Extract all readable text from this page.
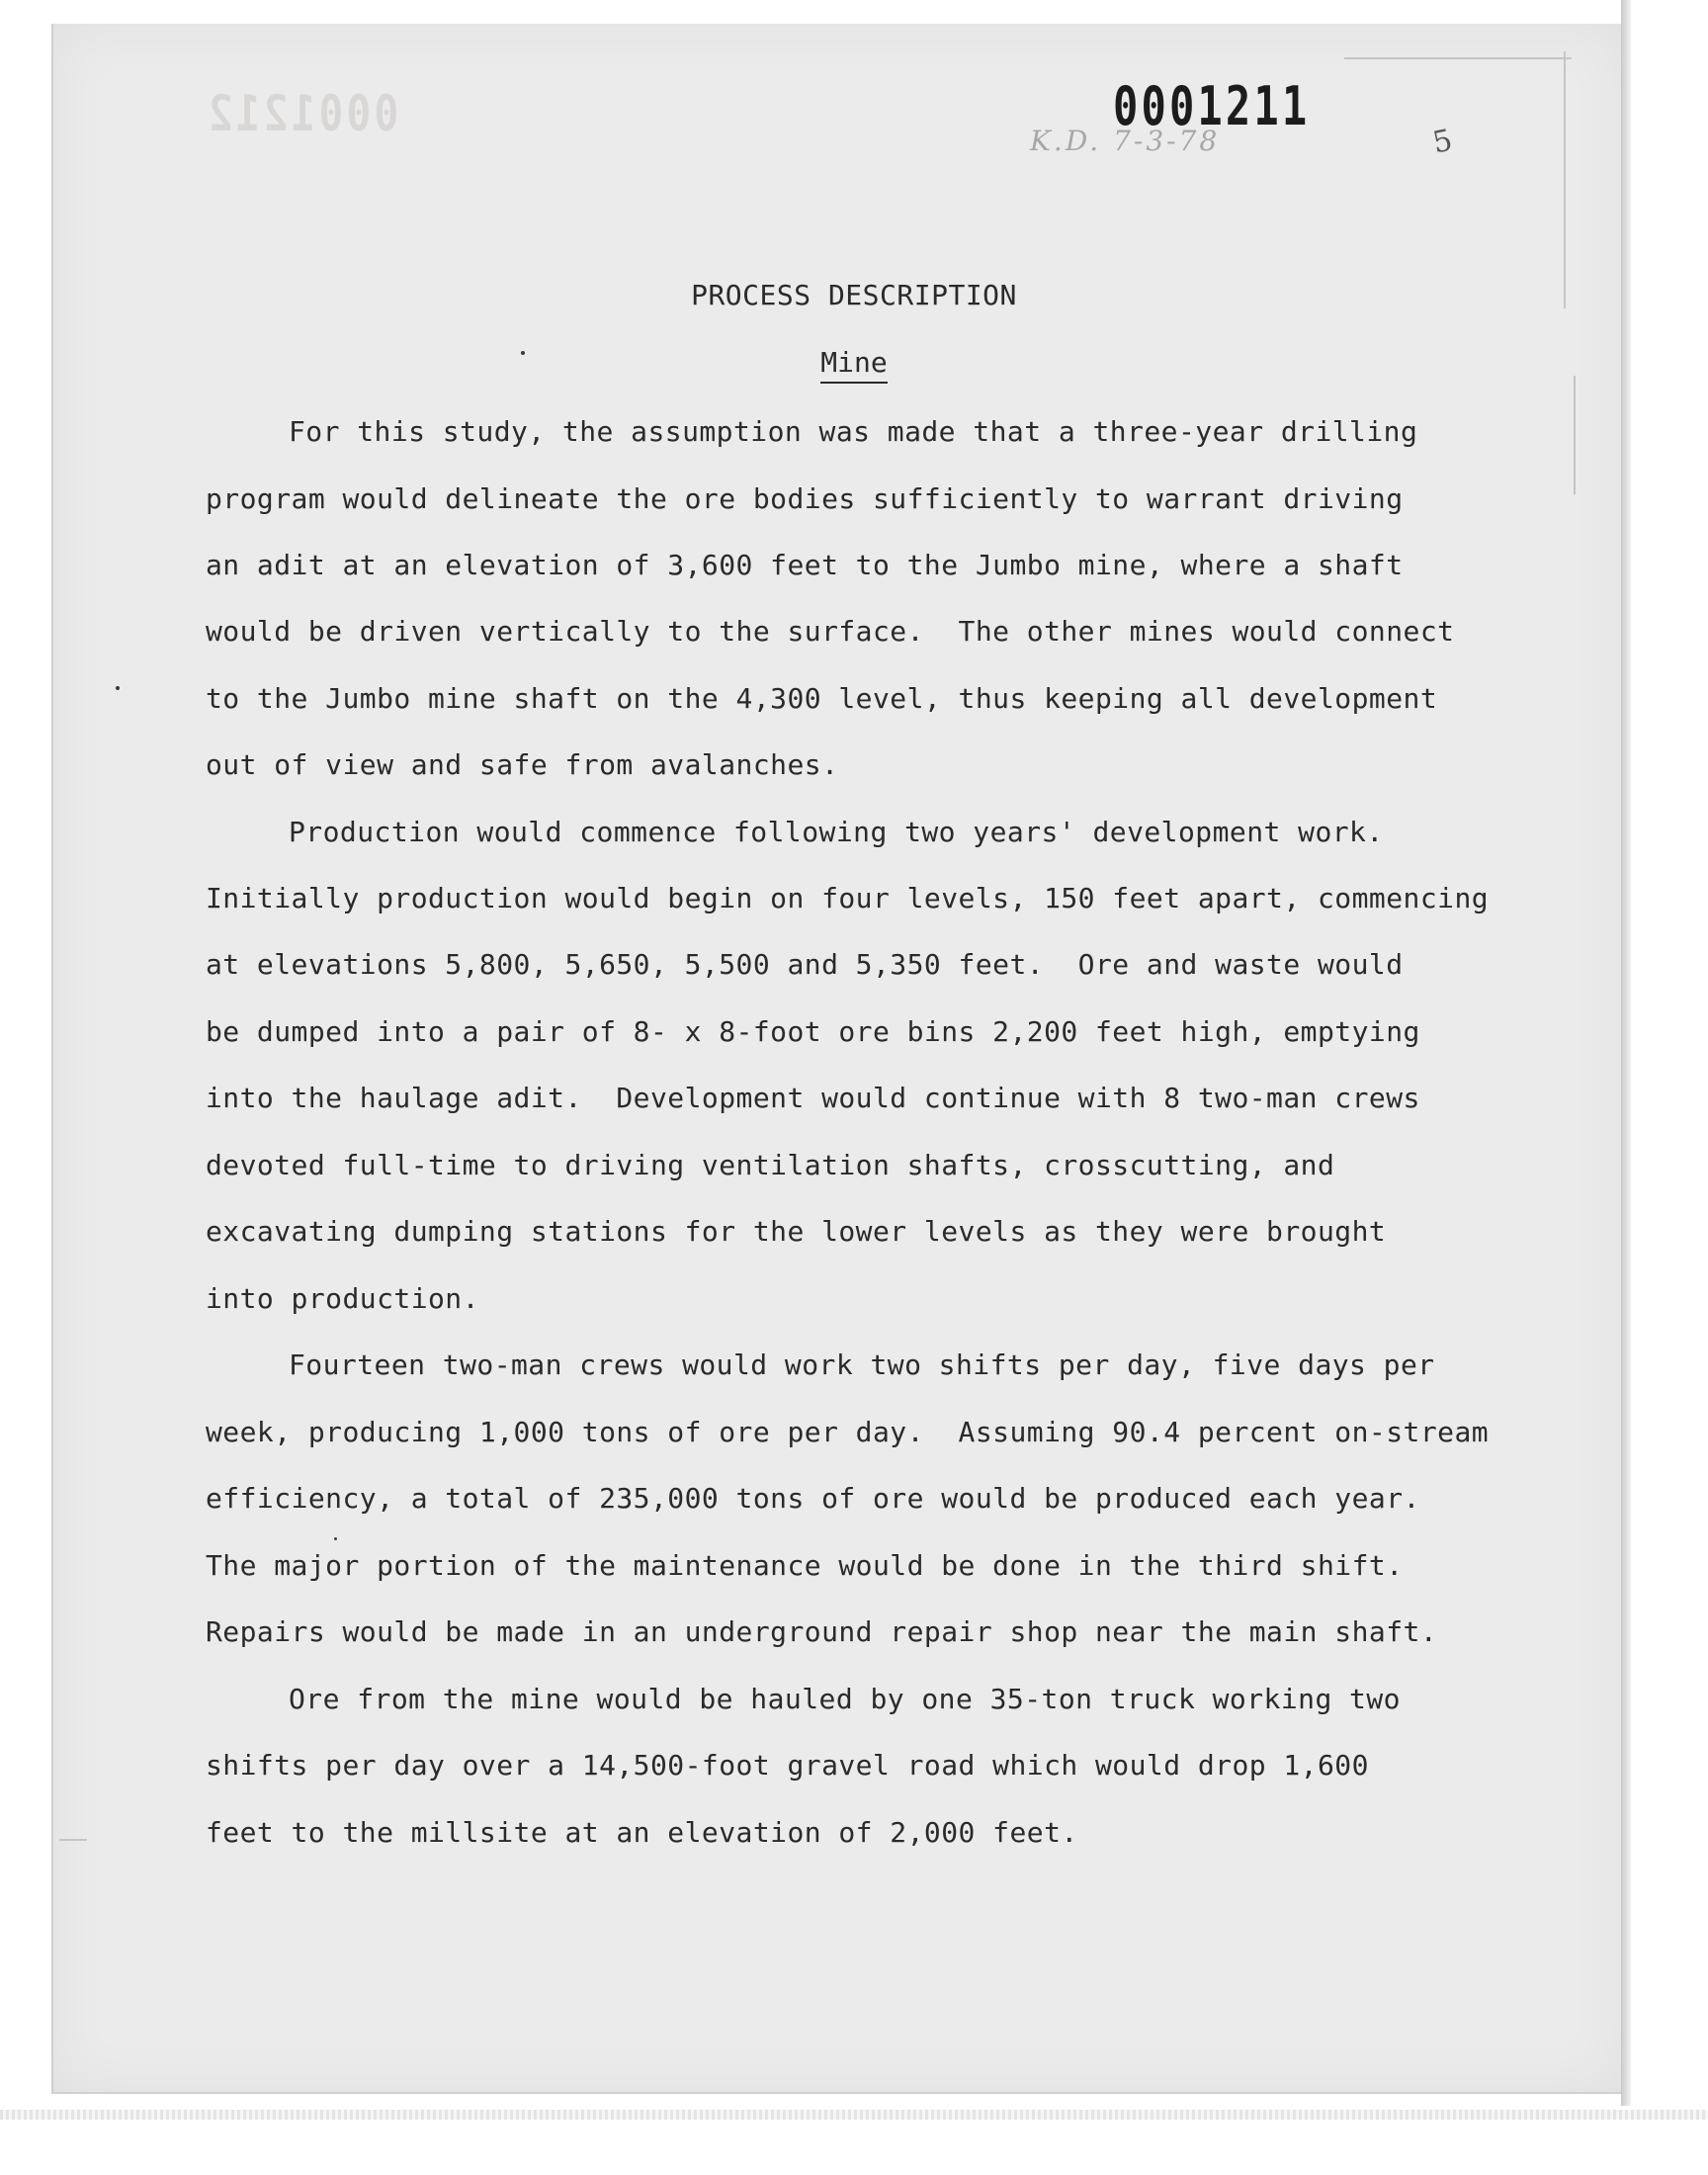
0001212	0001211
K.D. 7-3-78	5
PROCESS DESCRIPTION
Mine
For this study, the assumption was made that a three-year drilling
program would delineate the ore bodies sufficiently to warrant driving
an adit at an elevation of 3,600 feet to the Jumbo mine, where a shaft
would be driven vertically to the surface.  The other mines would connect
to the Jumbo mine shaft on the 4,300 level, thus keeping all development
out of view and safe from avalanches.
Production would commence following two years' development work.
Initially production would begin on four levels, 150 feet apart, commencing
at elevations 5,800, 5,650, 5,500 and 5,350 feet.  Ore and waste would
be dumped into a pair of 8- x 8-foot ore bins 2,200 feet high, emptying
into the haulage adit.  Development would continue with 8 two-man crews
devoted full-time to driving ventilation shafts, crosscutting, and
excavating dumping stations for the lower levels as they were brought
into production.
Fourteen two-man crews would work two shifts per day, five days per
week, producing 1,000 tons of ore per day.  Assuming 90.4 percent on-stream
efficiency, a total of 235,000 tons of ore would be produced each year.
The major portion of the maintenance would be done in the third shift.
Repairs would be made in an underground repair shop near the main shaft.
Ore from the mine would be hauled by one 35-ton truck working two
shifts per day over a 14,500-foot gravel road which would drop 1,600
feet to the millsite at an elevation of 2,000 feet.
